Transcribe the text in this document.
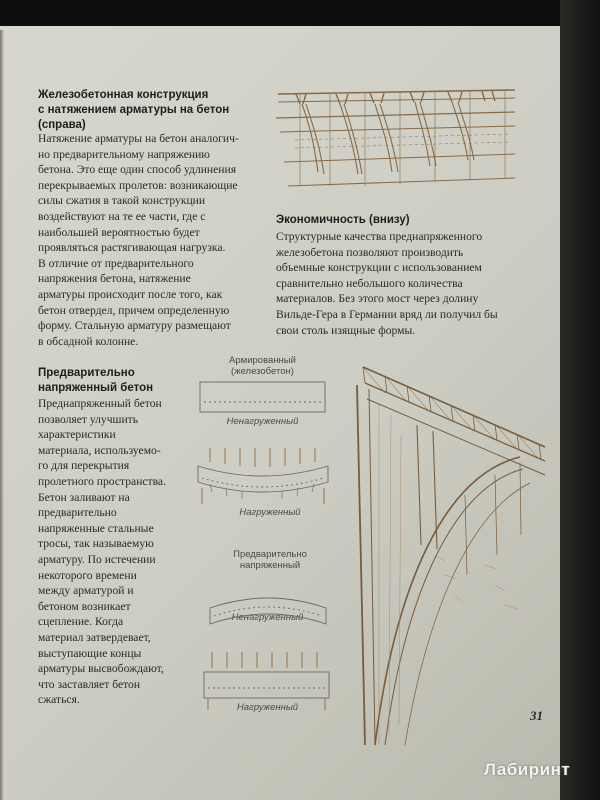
Железобетонная конструкция
с натяжением арматуры на бетон
(справа)
Натяжение арматуры на бетон аналогич-
но предварительному напряжению
бетона. Это еще один способ удлинения
перекрываемых пролетов: возникающие
силы сжатия в такой конструкции
воздействуют на те ее части, где с
наибольшей вероятностью будет
проявляться растягивающая нагрузка.
В отличие от предварительного
напряжения бетона, натяжение
арматуры происходит после того, как
бетон отвердел, причем определенную
форму. Стальную арматуру размещают
в обсадной колонне.
Экономичность (внизу)
Структурные качества преднапряженного
железобетона позволяют производить
объемные конструкции с использованием
сравнительно небольшого количества
материалов. Без этого мост через долину
Вильде-Гера в Германии вряд ли получил бы
свои столь изящные формы.
Предварительно
напряженный бетон
Преднапряженный бетон
позволяет улучшить
характеристики
материала, используемо-
го для перекрытия
пролетного пространства.
Бетон заливают на
предварительно
напряженные стальные
тросы, так называемую
арматуру. По истечении
некоторого времени
между арматурой и
бетоном возникает
сцепление. Когда
материал затвердевает,
выступающие концы
арматуры высвобождают,
что заставляет бетон
сжаться.
Армированный
(железобетон)
Ненагруженный
Нагруженный
Предварительно
напряженный
Ненагруженный
Нагруженный
31
Лабиринт
